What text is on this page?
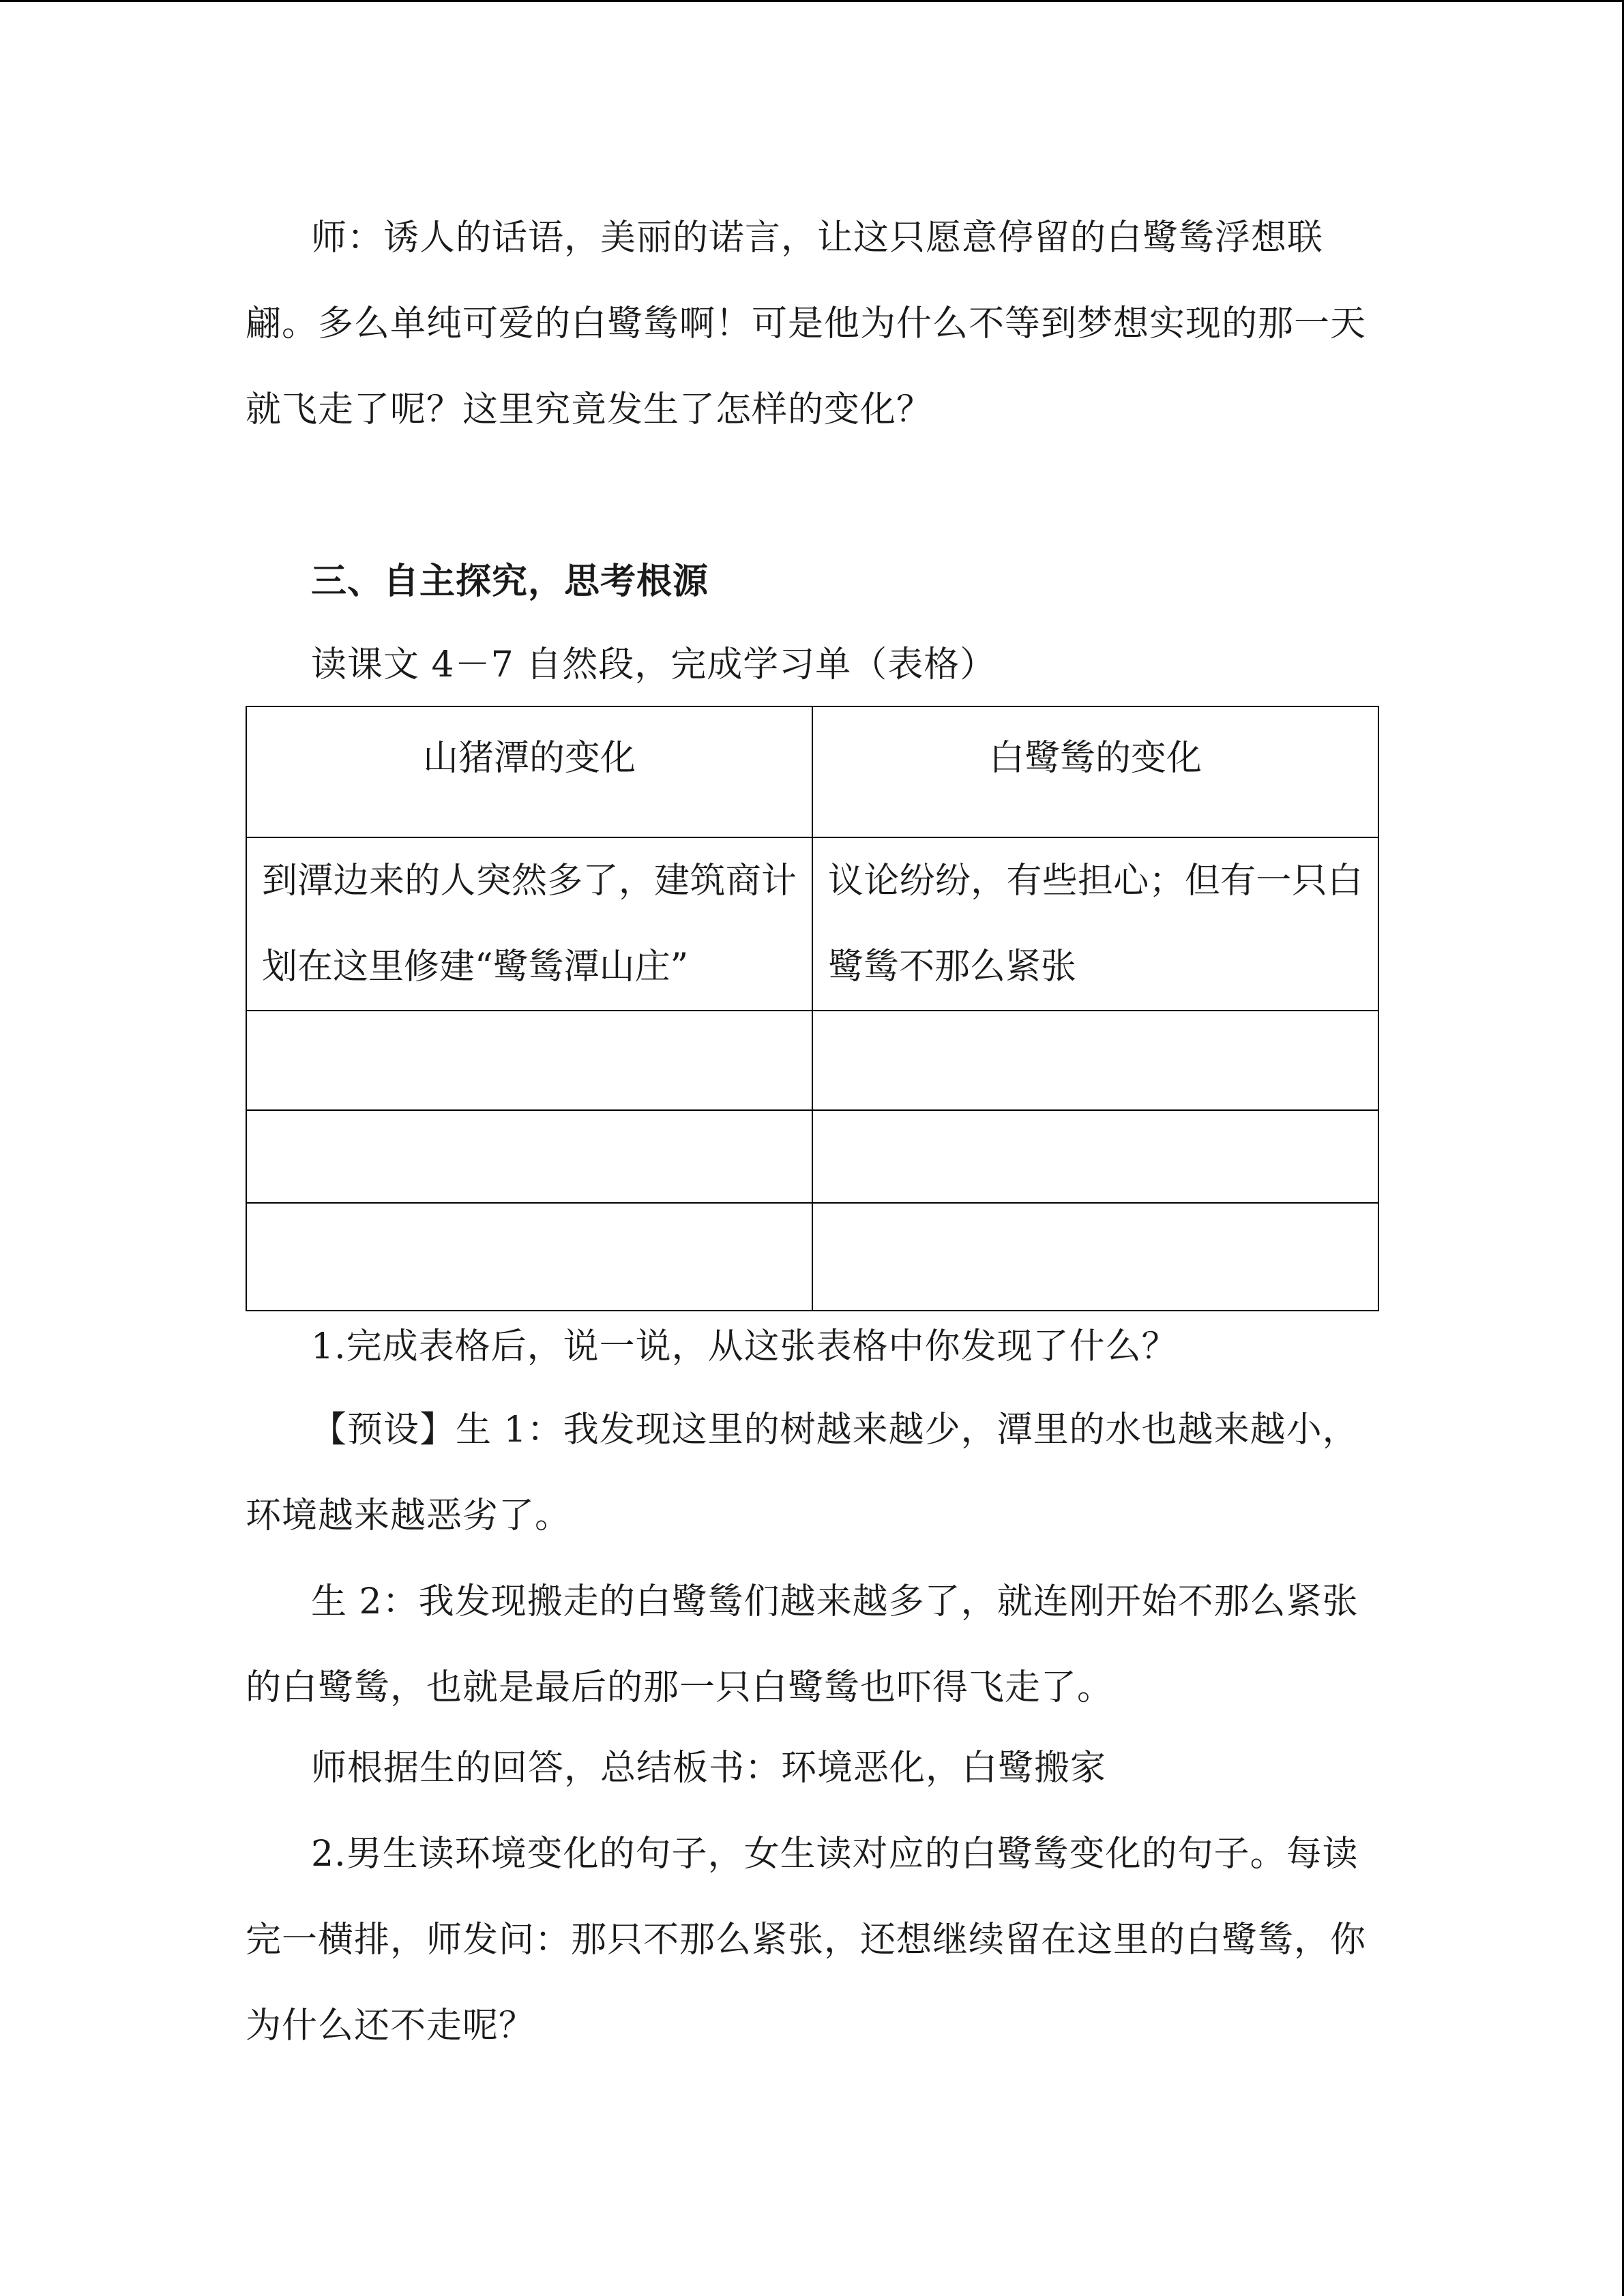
师：诱人的话语，美丽的诺言，让这只愿意停留的白鹭鸶浮想联翩。多么单纯可爱的白鹭鸶啊！可是他为什么不等到梦想实现的那一天就飞走了呢？这里究竟发生了怎样的变化？

三、自主探究，思考根源

读课文 4－7 自然段，完成学习单（表格）

山猪潭的变化	白鹭鸶的变化
到潭边来的人突然多了，建筑商计划在这里修建“鹭鸶潭山庄”	议论纷纷，有些担心；但有一只白鹭鸶不那么紧张

1.完成表格后，说一说，从这张表格中你发现了什么？

【预设】生 1：我发现这里的树越来越少，潭里的水也越来越小，环境越来越恶劣了。

生 2：我发现搬走的白鹭鸶们越来越多了，就连刚开始不那么紧张的白鹭鸶，也就是最后的那一只白鹭鸶也吓得飞走了。

师根据生的回答，总结板书：环境恶化，白鹭搬家

2.男生读环境变化的句子，女生读对应的白鹭鸶变化的句子。每读完一横排，师发问：那只不那么紧张，还想继续留在这里的白鹭鸶，你为什么还不走呢？
